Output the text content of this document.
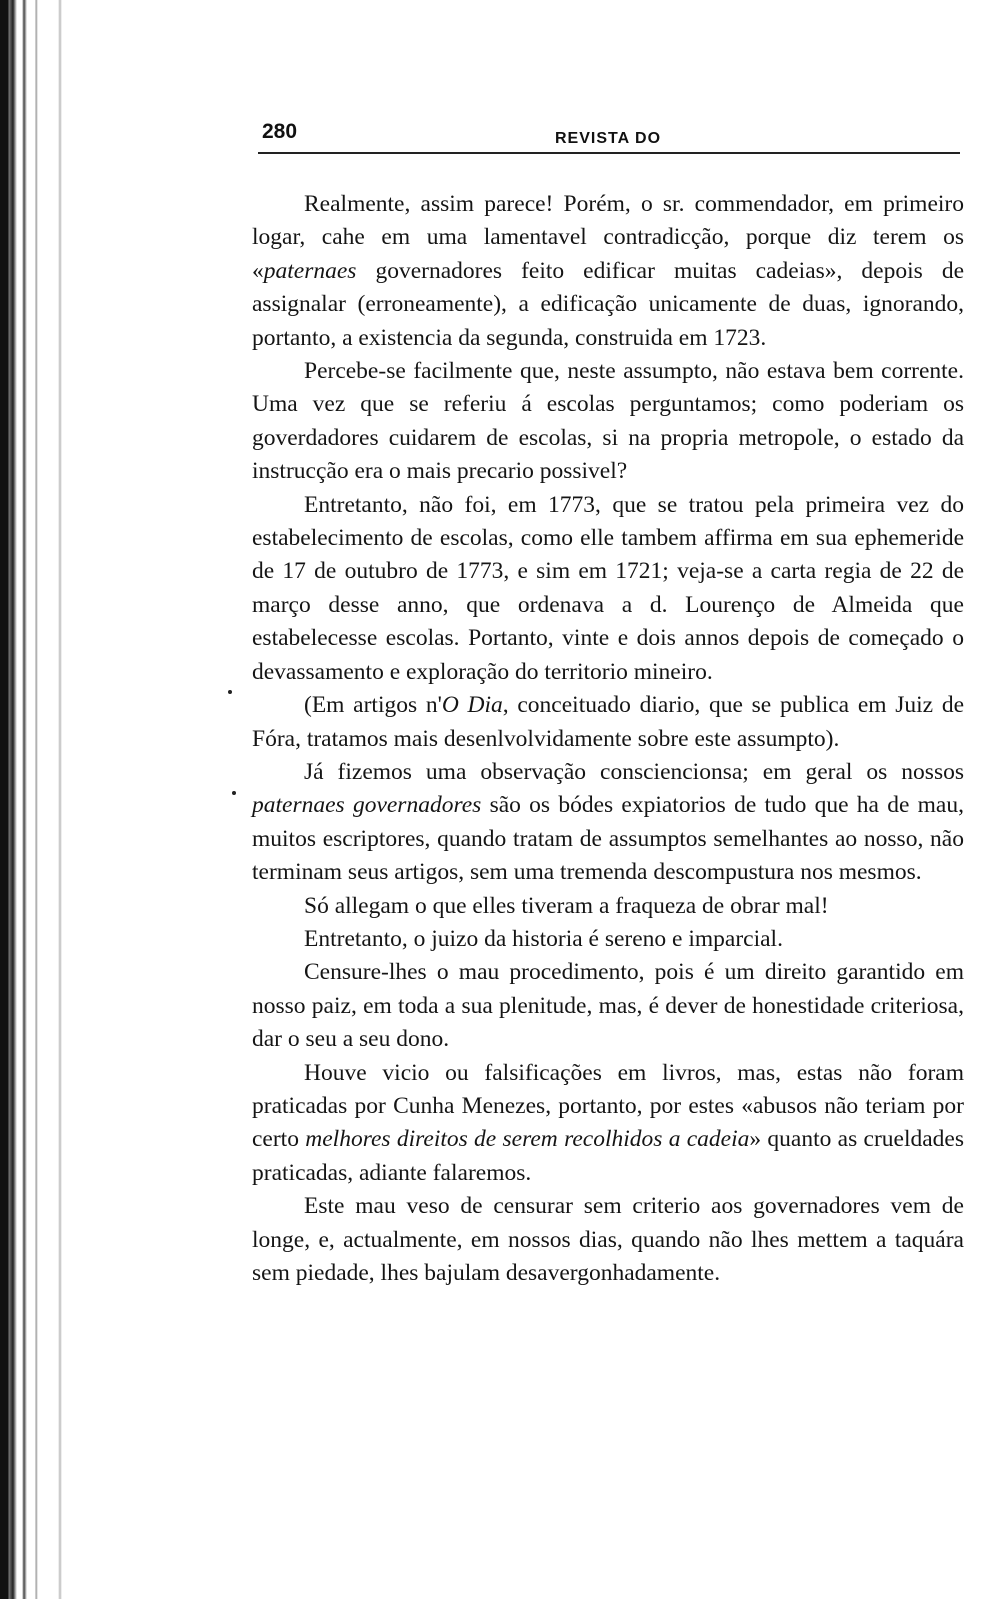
280	REVISTA DO

Realmente, assim parece! Porém, o sr. commendador, em primeiro logar, cahe em uma lamentavel contradicção, porque diz terem os «paternaes governadores feito edificar muitas cadeias», depois de assignalar (erroneamente), a edificação unicamente de duas, ignorando, portanto, a existencia da segunda, construida em 1723.

Percebe-se facilmente que, neste assumpto, não estava bem corrente. Uma vez que se referiu á escolas perguntamos; como poderiam os goverdadores cuidarem de escolas, si na propria metropole, o estado da instrucção era o mais precario possivel?

Entretanto, não foi, em 1773, que se tratou pela primeira vez do estabelecimento de escolas, como elle tambem affirma em sua ephemeride de 17 de outubro de 1773, e sim em 1721; veja-se a carta regia de 22 de março desse anno, que ordenava a d. Lourenço de Almeida que estabelecesse escolas. Portanto, vinte e dois annos depois de começado o devassamento e exploração do territorio mineiro.

(Em artigos n'O Dia, conceituado diario, que se publica em Juiz de Fóra, tratamos mais desenlvolvidamente sobre este assumpto).

Já fizemos uma observação consciencionsa; em geral os nossos paternaes governadores são os bódes expiatorios de tudo que ha de mau, muitos escriptores, quando tratam de assumptos semelhantes ao nosso, não terminam seus artigos, sem uma tremenda descompustura nos mesmos.

Só allegam o que elles tiveram a fraqueza de obrar mal!

Entretanto, o juizo da historia é sereno e imparcial.

Censure-lhes o mau procedimento, pois é um direito garantido em nosso paiz, em toda a sua plenitude, mas, é dever de honestidade criteriosa, dar o seu a seu dono.

Houve vicio ou falsificações em livros, mas, estas não foram praticadas por Cunha Menezes, portanto, por estes «abusos não teriam por certo melhores direitos de serem recolhidos a cadeia» quanto as crueldades praticadas, adiante falaremos.

Este mau veso de censurar sem criterio aos governadores vem de longe, e, actualmente, em nossos dias, quando não lhes mettem a taquára sem piedade, lhes bajulam desavergonhadamente.
